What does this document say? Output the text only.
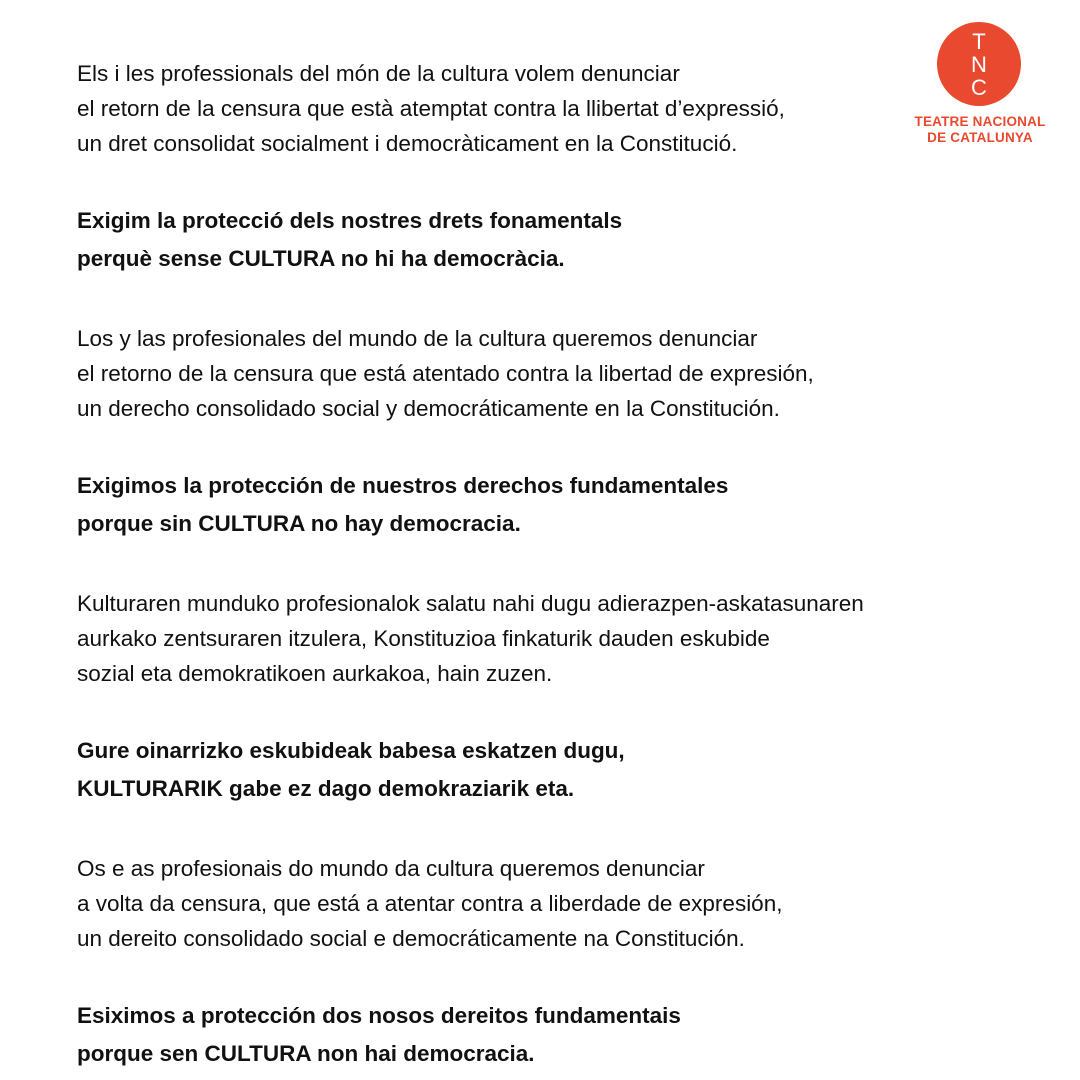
T
N
C
TEATRE NACIONAL
DE CATALUNYA

Els i les professionals del món de la cultura volem denunciar
el retorn de la censura que està atemptat contra la llibertat d’expressió,
un dret consolidat socialment i democràticament en la Constitució.

Exigim la protecció dels nostres drets fonamentals
perquè sense CULTURA no hi ha democràcia.

Los y las profesionales del mundo de la cultura queremos denunciar
el retorno de la censura que está atentado contra la libertad de expresión,
un derecho consolidado social y democráticamente en la Constitución.

Exigimos la protección de nuestros derechos fundamentales
porque sin CULTURA no hay democracia.

Kulturaren munduko profesionalok salatu nahi dugu adierazpen-askatasunaren
aurkako zentsuraren itzulera, Konstituzioa finkaturik dauden eskubide
sozial eta demokratikoen aurkakoa, hain zuzen.

Gure oinarrizko eskubideak babesa eskatzen dugu,
KULTURARIK gabe ez dago demokraziarik eta.

Os e as profesionais do mundo da cultura queremos denunciar
a volta da censura, que está a atentar contra a liberdade de expresión,
un dereito consolidado social e democráticamente na Constitución.

Esiximos a protección dos nosos dereitos fundamentais
porque sen CULTURA non hai democracia.
